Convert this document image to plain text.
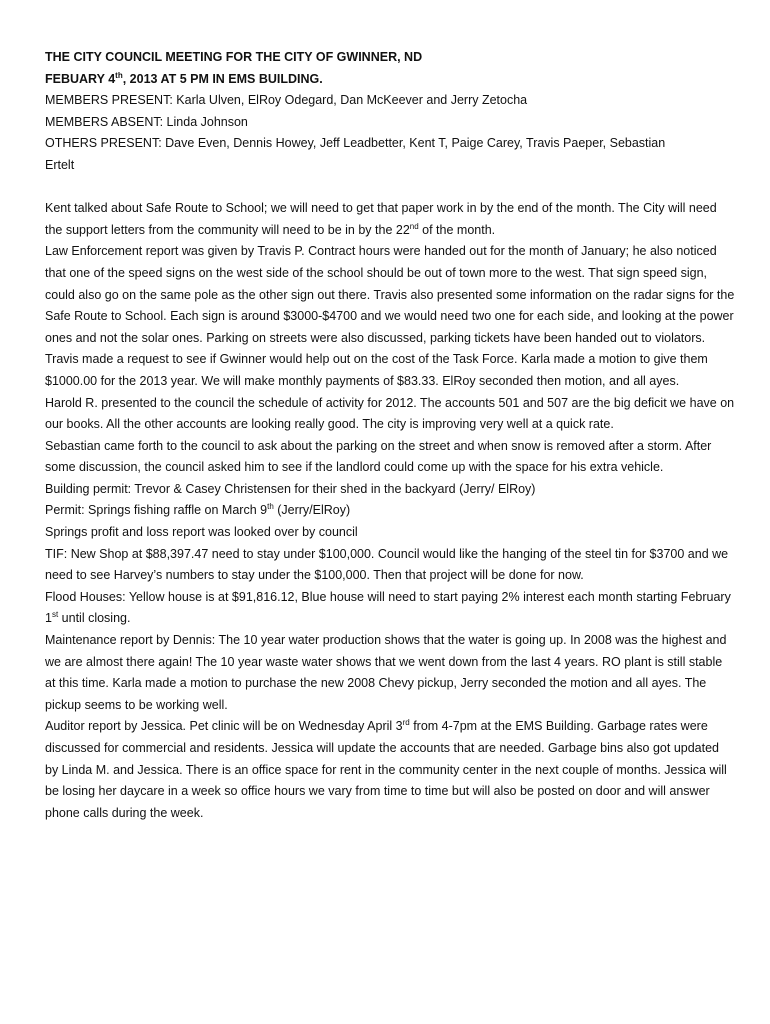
THE CITY COUNCIL MEETING FOR THE CITY OF GWINNER, ND
FEBUARY 4th, 2013 AT 5 PM IN EMS BUILDING.
MEMBERS PRESENT: Karla Ulven, ElRoy Odegard, Dan McKeever and Jerry Zetocha
MEMBERS ABSENT: Linda Johnson
OTHERS PRESENT: Dave Even, Dennis Howey, Jeff Leadbetter, Kent T, Paige Carey, Travis Paeper, Sebastian
Ertelt

Kent talked about Safe Route to School; we will need to get that paper work in by the end of the month. The City will need the support letters from the community will need to be in by the 22nd of the month.

Law Enforcement report was given by Travis P. Contract hours were handed out for the month of January; he also noticed that one of the speed signs on the west side of the school should be out of town more to the west. That sign speed sign, could also go on the same pole as the other sign out there. Travis also presented some information on the radar signs for the Safe Route to School. Each sign is around $3000-$4700 and we would need two one for each side, and looking at the power ones and not the solar ones. Parking on streets were also discussed, parking tickets have been handed out to violators. Travis made a request to see if Gwinner would help out on the cost of the Task Force. Karla made a motion to give them $1000.00 for the 2013 year. We will make monthly payments of $83.33. ElRoy seconded then motion, and all ayes.

Harold R. presented to the council the schedule of activity for 2012. The accounts 501 and 507 are the big deficit we have on our books. All the other accounts are looking really good. The city is improving very well at a quick rate.

Sebastian came forth to the council to ask about the parking on the street and when snow is removed after a storm. After some discussion, the council asked him to see if the landlord could come up with the space for his extra vehicle.

Building permit: Trevor & Casey Christensen for their shed in the backyard (Jerry/ ElRoy)

Permit: Springs fishing raffle on March 9th (Jerry/ElRoy)

Springs profit and loss report was looked over by council

TIF: New Shop at $88,397.47 need to stay under $100,000. Council would like the hanging of the steel tin for $3700 and we need to see Harvey’s numbers to stay under the $100,000. Then that project will be done for now.

Flood Houses: Yellow house is at $91,816.12, Blue house will need to start paying 2% interest each month starting February 1st until closing.

Maintenance report by Dennis: The 10 year water production shows that the water is going up. In 2008 was the highest and we are almost there again! The 10 year waste water shows that we went down from the last 4 years. RO plant is still stable at this time. Karla made a motion to purchase the new 2008 Chevy pickup, Jerry seconded the motion and all ayes. The pickup seems to be working well.

Auditor report by Jessica. Pet clinic will be on Wednesday April 3rd from 4-7pm at the EMS Building. Garbage rates were discussed for commercial and residents. Jessica will update the accounts that are needed. Garbage bins also got updated by Linda M. and Jessica. There is an office space for rent in the community center in the next couple of months. Jessica will be losing her daycare in a week so office hours we vary from time to time but will also be posted on door and will answer phone calls during the week.
